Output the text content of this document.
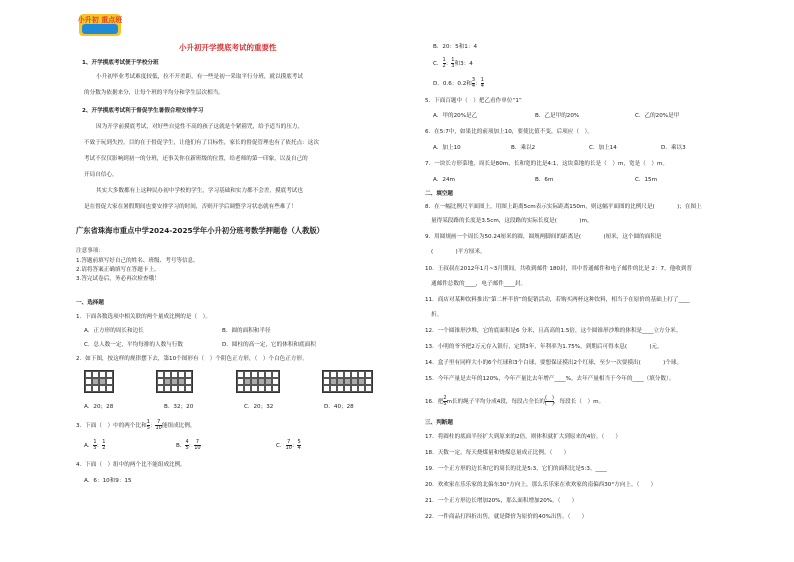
小升初 重点班
小升初开学摸底考试的重要性
1、开学摸底考试便于学校分班
小升初毕业考试难度较低，拉不开差距，有一些是初一采取平行分班，就以摸底考试
的分数为依据来分，让每个班的平均分和学生层次相当。
2、开学摸底考试利于督促学生暑假合理安排学习
因为开学前摸底考试，对好些自觉性不高的孩子这就是个紧箍咒，给予适当的压力，
不致于玩到失控。目的在于督促学生，让他们有了目标性，家长的督促管理也有了依托点：这次
考试不仅仅影响到初一的分班，还事关你在新班级的位置，给老师的第一印象，以及自己的
开局自信心。
其实大多数都有上这种民办初中学校的学生，学习基础和实力都不会差，摸底考试也
是在督促大家在暑假期间也要安排学习的时间，否则开学后调整学习状态就有些难了！
广东省珠海市重点中学2024-2025学年小升初分班考数学押题卷（人教版）
注意事项：
1.答题前填写好自己的姓名、班级、考号等信息。
2.请将答案正确填写在答题卡上。
3.答完试卷后，务必再次检查哦！
一、选择题
1．下面各数选项中相关联的两个量成比例的是（　）。
A．正方形的周长和边长	B．圆的面积和半径
C．总人数一定，平均每排的人数与行数	D．圆柱的高一定，它的体积和底面积
2．如下图，按这样的规律摆下去，第10个图形有（　）个阴色正方形，（　）个白色正方形。
A．20；28	B．32；20	C．20；32	D．40；28
3．下面（　）中的两个比和 $\frac{1}{5}$ ： $\frac{7}{10}$ 能组成比例。
A． $\frac{1}{5}$ ： $\frac{1}{2}$	B． $\frac{4}{5}$ ： $\frac{7}{10}$	C． $\frac{7}{10}$ ： $\frac{5}{4}$
4．下面（　）组中的两个比不能组成比例。
A．6：10和9：15
B．20：5和1：4
C． $\frac{1}{2}$ ： $\frac{1}{3}$ 和3：4
D．0.6：0.2和 $\frac{3}{4}$ ： $\frac{1}{4}$
5．下面百题中（　）把乙看作单位“1”
A．甲的20%是乙	B．乙是甲的20%	C．乙的20%是甲
6．在5:7中，如果比的前项加上10，要使比值不变，后项应（　）。
A．加上10	B．乘以2	C．加上14	D．乘以3
7．一块长方形菜地，周长是80m，长和宽的比是4:1，这块菜地的长是（　）m，宽是（　）m。
A．24m	B．6m	C．15m
二、填空题
8．在一幅比例尺平面图上，用图上距离5cm表示实际距离150m，则这幅平面图的比例尺是(　　　　)；在图上
量得某段路的长度是3.5cm，这段路的实际长度是(　　　　)m。
9．用圆规画一个周长为50.24厘米的圆，圆规两脚间的距离是(　　　　)厘米，这个圆的面积是
(　　　　)平方厘米。
10．王叔叔在2012年1月~3月期间，共收到邮件 180封，其中普通邮件和电子邮件的比是 2：7。他收到普
通邮件总数的____，电子邮件____封。
11．商店对某种饮料推出“第二杯半价”的促销活动，若购买两杯这种饮料，相当于在原价的基础上打了____
折。
12．一个圆锥形沙堆，它的底面积是6 分米，且高高的1.5倍，这个圆锥形沙堆的体积是____立方分米。
13．小明的爷爷把2万元存入银行，定期3年，年利率为1.75%，到期后可得本息(　　　　)元。
14．盒子里有同样大小的6个红球和3个白球，要想保证摸出2个红球，至少一次要摸出(　　　　)个球。
15．今年产量是去年的120%，今年产量比去年增产____%。去年产量相当于今年的____（填分数）。
16．把 $\frac{2}{5}$ m长的绳子平均分成4段，每段占全长的 $\frac{( )}{( )}$ ，每段长（　）m。
三、判断题
17．将圆柱的底面半径扩大到原来的2倍，则体积就扩大到原来的4倍。（　　）
18．天数一定，每天烧煤量和烧煤总量成正比例。（　　）
19．一个正方形的边长和它的周长的比是5:3，它们的面积比是5:3。____
20．欢欢家在乐乐家的北偏东30°方向上，那么乐乐家在欢欢家的南偏西30°方向上。（　　）
21．一个正方形边长增加20%，那么面积增加20%。（　　）
22．一件商品打四折出售，就是降价为原价的40%出售。（　　）
